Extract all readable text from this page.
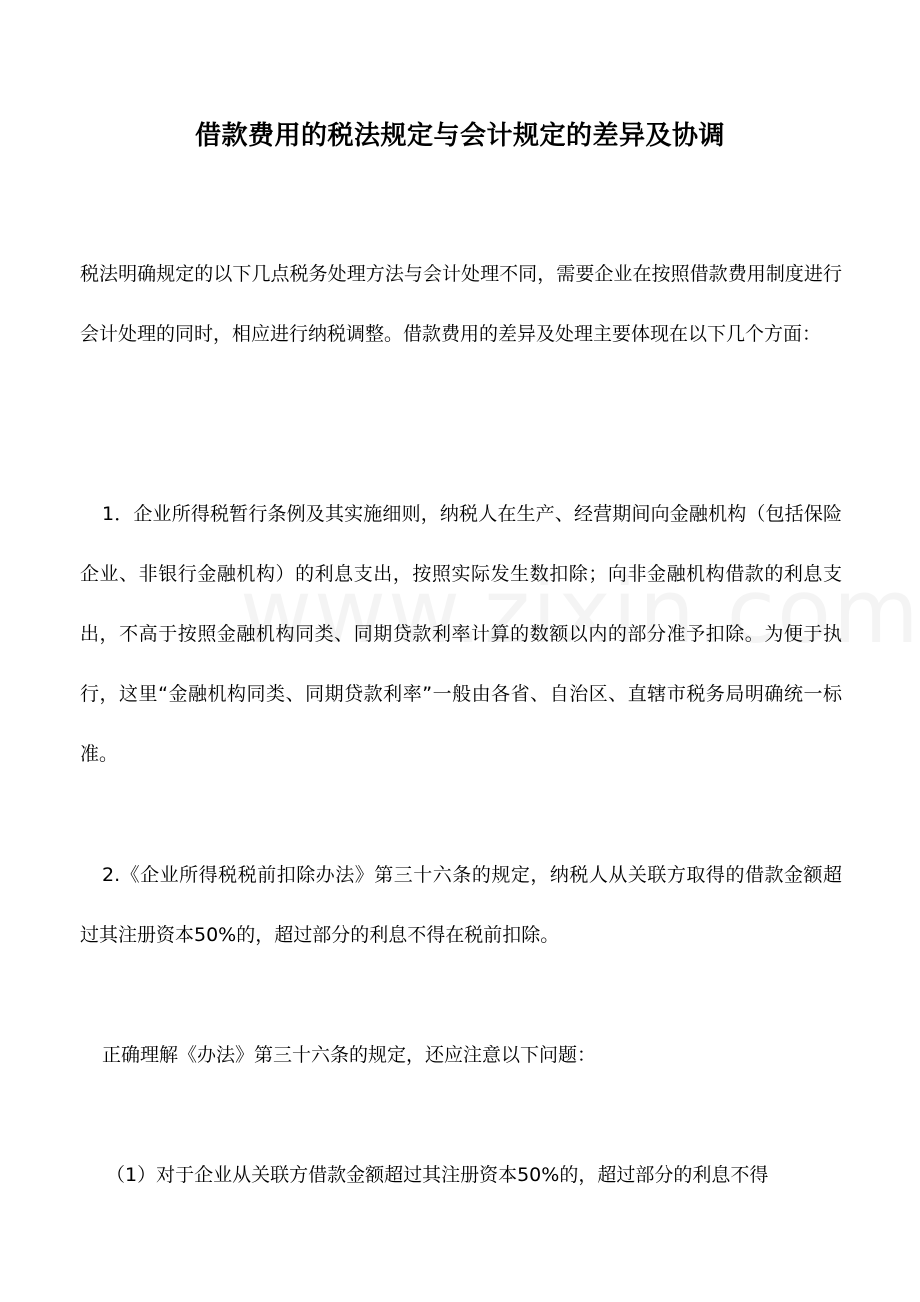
借款费用的税法规定与会计规定的差异及协调
税法明确规定的以下几点税务处理方法与会计处理不同，需要企业在按照借款费用制度进行会计处理的同时，相应进行纳税调整。借款费用的差异及处理主要体现在以下几个方面：
1．企业所得税暂行条例及其实施细则，纳税人在生产、经营期间向金融机构（包括保险企业、非银行金融机构）的利息支出，按照实际发生数扣除；向非金融机构借款的利息支出，不高于按照金融机构同类、同期贷款利率计算的数额以内的部分准予扣除。为便于执行，这里“金融机构同类、同期贷款利率”一般由各省、自治区、直辖市税务局明确统一标准。
2.《企业所得税税前扣除办法》第三十六条的规定，纳税人从关联方取得的借款金额超过其注册资本50%的，超过部分的利息不得在税前扣除。
正确理解《办法》第三十六条的规定，还应注意以下问题：
（1）对于企业从关联方借款金额超过其注册资本50%的，超过部分的利息不得
